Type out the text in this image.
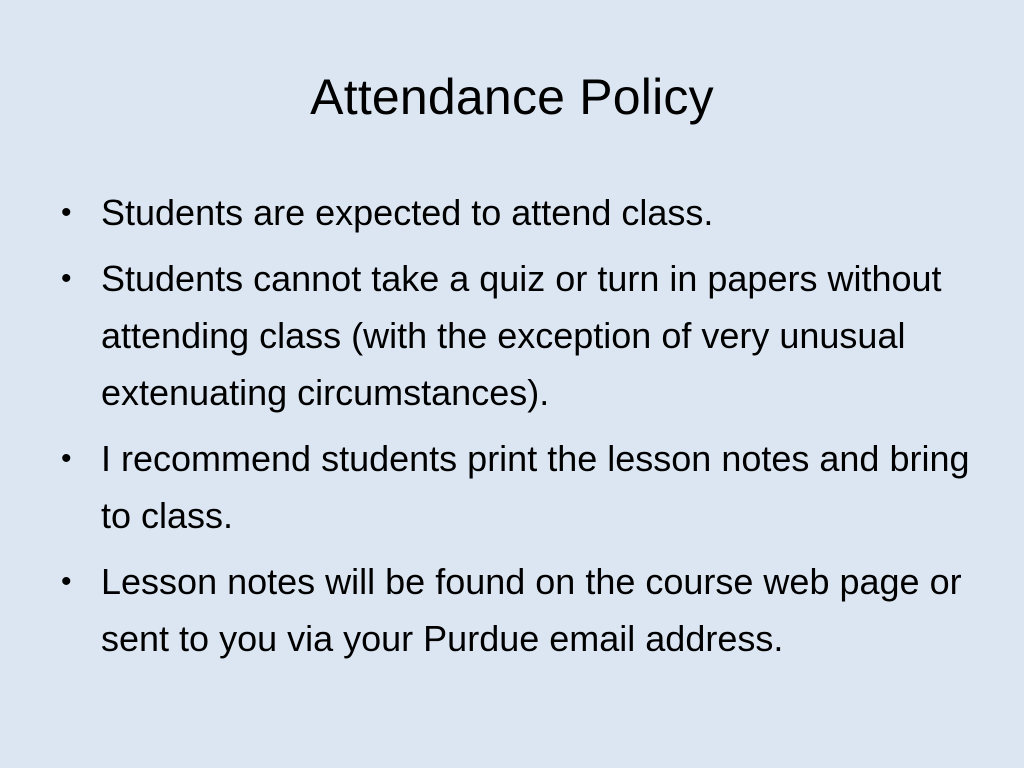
Attendance Policy
• Students are expected to attend class.
• Students cannot take a quiz or turn in papers without attending class (with the exception of very unusual extenuating circumstances).
• I recommend students print the lesson notes and bring to class.
• Lesson notes will be found on the course web page or sent to you via your Purdue email address.
